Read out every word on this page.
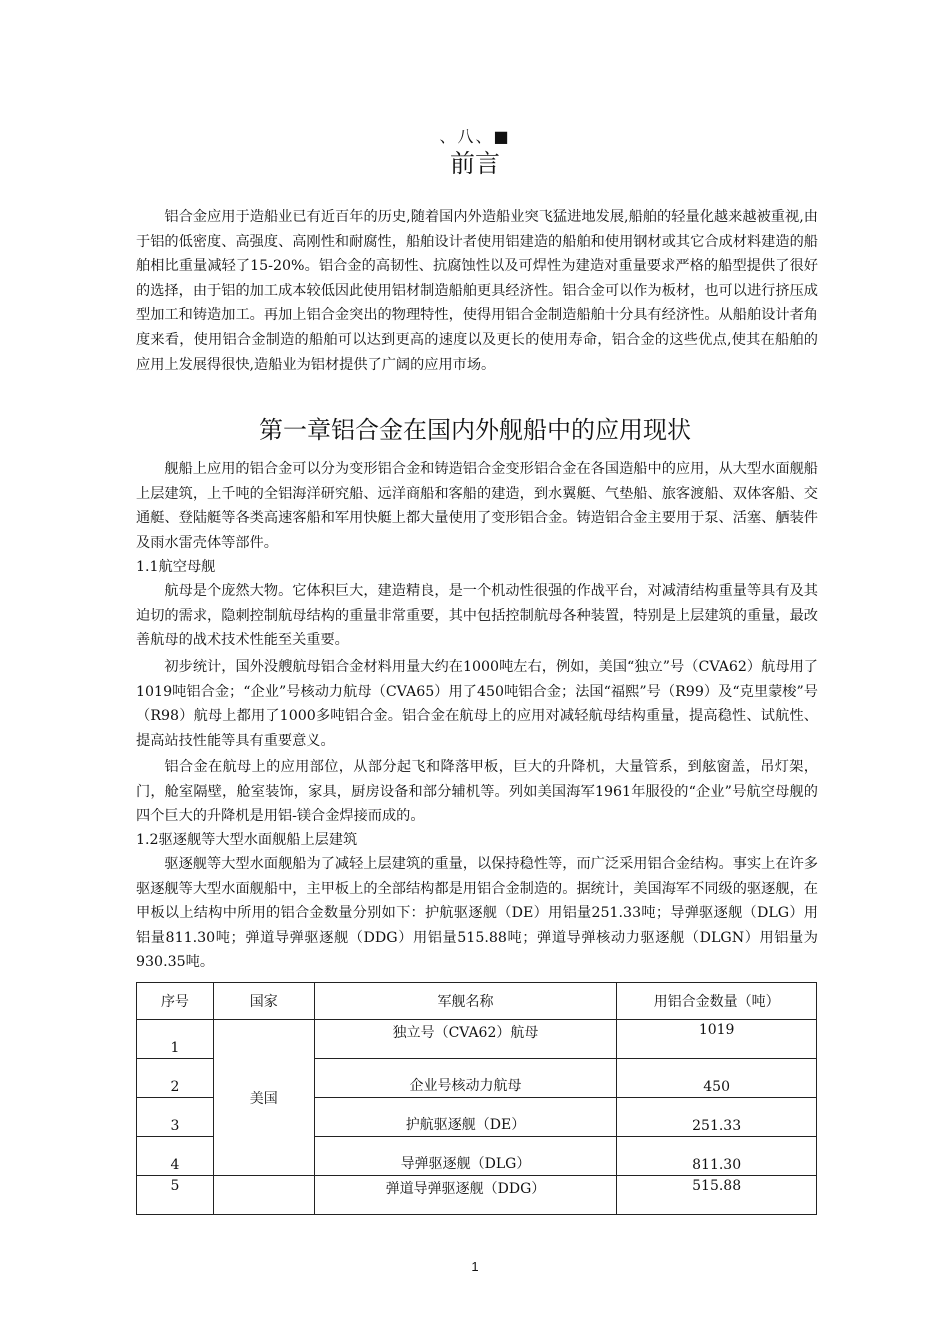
、八、■
前言

铝合金应用于造船业已有近百年的历史,随着国内外造船业突飞猛进地发展,船舶的轻量化越来越被重视,由于铝的低密度、高强度、高刚性和耐腐性，船舶设计者使用铝建造的船舶和使用钢材或其它合成材料建造的船舶相比重量减轻了15-20%。铝合金的高韧性、抗腐蚀性以及可焊性为建造对重量要求严格的船型提供了很好的选择，由于铝的加工成本较低因此使用铝材制造船舶更具经济性。铝合金可以作为板材，也可以进行挤压成型加工和铸造加工。再加上铝合金突出的物理特性，使得用铝合金制造船舶十分具有经济性。从船舶设计者角度来看，使用铝合金制造的船舶可以达到更高的速度以及更长的使用寿命，铝合金的这些优点,使其在船舶的应用上发展得很快,造船业为铝材提供了广阔的应用市场。

第一章铝合金在国内外舰船中的应用现状

舰船上应用的铝合金可以分为变形铝合金和铸造铝合金变形铝合金在各国造船中的应用，从大型水面舰船上层建筑，上千吨的全铝海洋研究船、远洋商船和客船的建造，到水翼艇、气垫船、旅客渡船、双体客船、交通艇、登陆艇等各类高速客船和军用快艇上都大量使用了变形铝合金。铸造铝合金主要用于泵、活塞、舾装件及雨水雷壳体等部件。

1.1航空母舰

航母是个庞然大物。它体积巨大，建造精良，是一个机动性很强的作战平台，对减清结构重量等具有及其迫切的需求，隐刺控制航母结构的重量非常重要，其中包括控制航母各种装置，特别是上层建筑的重量，最改善航母的战术技术性能至关重要。

初步统计，国外没艘航母铝合金材料用量大约在1000吨左右，例如，美国“独立”号（CVA62）航母用了1019吨铝合金；“企业”号核动力航母（CVA65）用了450吨铝合金；法国“福熙”号（R99）及“克里蒙梭”号（R98）航母上都用了1000多吨铝合金。铝合金在航母上的应用对减轻航母结构重量，提高稳性、试航性、提高站技性能等具有重要意义。

铝合金在航母上的应用部位，从部分起飞和降落甲板，巨大的升降机，大量管系，到舷窗盖，吊灯架，门，舱室隔壁，舱室装饰，家具，厨房设备和部分辅机等。列如美国海军1961年服役的“企业”号航空母舰的四个巨大的升降机是用铝-镁合金焊接而成的。

1.2驱逐舰等大型水面舰船上层建筑

驱逐舰等大型水面舰船为了减轻上层建筑的重量，以保持稳性等，而广泛采用铝合金结构。事实上在许多驱逐舰等大型水面舰船中，主甲板上的全部结构都是用铝合金制造的。据统计，美国海军不同级的驱逐舰，在甲板以上结构中所用的铝合金数量分别如下：护航驱逐舰（DE）用铝量251.33吨；导弹驱逐舰（DLG）用铝量811.30吨；弹道导弹驱逐舰（DDG）用铝量515.88吨；弹道导弹核动力驱逐舰（DLGN）用铝量为930.35吨。

序号	国家	军舰名称	用铝合金数量（吨）
1	美国	独立号（CVA62）航母	1019
2		企业号核动力航母	450
3		护航驱逐舰（DE）	251.33
4		导弹驱逐舰（DLG）	811.30
5		弹道导弹驱逐舰（DDG）	515.88
1
